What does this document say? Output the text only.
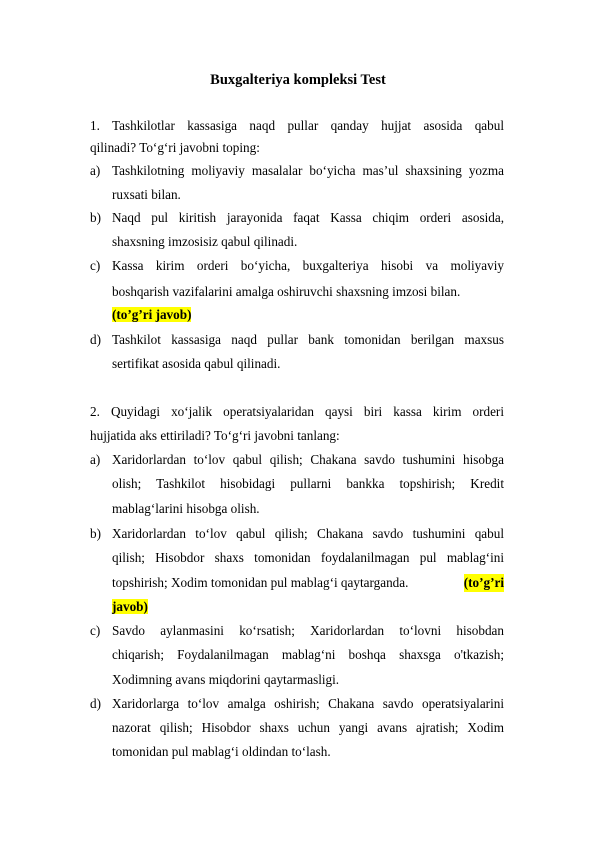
Buxgalteriya kompleksi Test
1. Tashkilotlar kassasiga naqd pullar qanday hujjat asosida qabul
qilinadi? To‘g‘ri javobni toping:
a) Tashkilotning moliyaviy masalalar bo‘yicha mas’ul shaxsining yozma
ruxsati bilan.
b) Naqd pul kiritish jarayonida faqat Kassa chiqim orderi asosida,
shaxsning imzosisiz qabul qilinadi.
c) Kassa kirim orderi bo‘yicha, buxgalteriya hisobi va moliyaviy
boshqarish vazifalarini amalga oshiruvchi shaxsning imzosi bilan.
(to’g’ri javob)
d) Tashkilot kassasiga naqd pullar bank tomonidan berilgan maxsus
sertifikat asosida qabul qilinadi.
2. Quyidagi xo‘jalik operatsiyalaridan qaysi biri kassa kirim orderi
hujjatida aks ettiriladi? To‘g‘ri javobni tanlang:
a) Xaridorlardan to‘lov qabul qilish; Chakana savdo tushumini hisobga
olish; Tashkilot hisobidagi pullarni bankka topshirish; Kredit
mablag‘larini hisobga olish.
b) Xaridorlardan to‘lov qabul qilish; Chakana savdo tushumini qabul
qilish; Hisobdor shaxs tomonidan foydalanilmagan pul mablag‘ini
topshirish; Xodim tomonidan pul mablag‘i qaytarganda.	(to’g’ri
javob)
c) Savdo aylanmasini ko‘rsatish; Xaridorlardan to‘lovni hisobdan
chiqarish; Foydalanilmagan mablag‘ni boshqa shaxsga o'tkazish;
Xodimning avans miqdorini qaytarmasligi.
d) Xaridorlarga to‘lov amalga oshirish; Chakana savdo operatsiyalarini
nazorat qilish; Hisobdor shaxs uchun yangi avans ajratish; Xodim
tomonidan pul mablag‘i oldindan to‘lash.
